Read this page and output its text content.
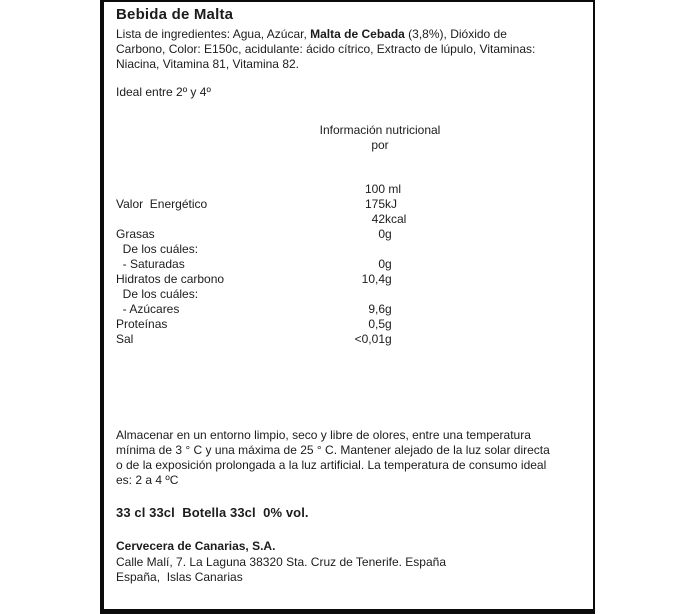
Bebida de Malta

Lista de ingredientes: Agua, Azúcar, Malta de Cebada (3,8%), Dióxido de
Carbono, Color: E150c, acidulante: ácido cítrico, Extracto de lúpulo, Vitaminas:
Niacina, Vitamina 81, Vitamina 82.

Ideal entre 2º y 4º
Información nutricional
por
100 ml
Valor  Energético	175 kJ
42 kcal
Grasas	0 g
De los cuáles:
- Saturadas	0 g
Hidratos de carbono	10,4 g
De los cuáles:
- Azúcares	9,6 g
Proteínas	0,5 g
Sal	<0,01 g

Almacenar en un entorno limpio, seco y libre de olores, entre una temperatura
mínima de 3 ° C y una máxima de 25 ° C. Mantener alejado de la luz solar directa
o de la exposición prolongada a la luz artificial. La temperatura de consumo ideal
es: 2 a 4 ºC

33 cl 33cl  Botella 33cl  0% vol.
Cervecera de Canarias, S.A.
Calle Malí, 7. La Laguna 38320 Sta. Cruz de Tenerife. España
España,  Islas Canarias
